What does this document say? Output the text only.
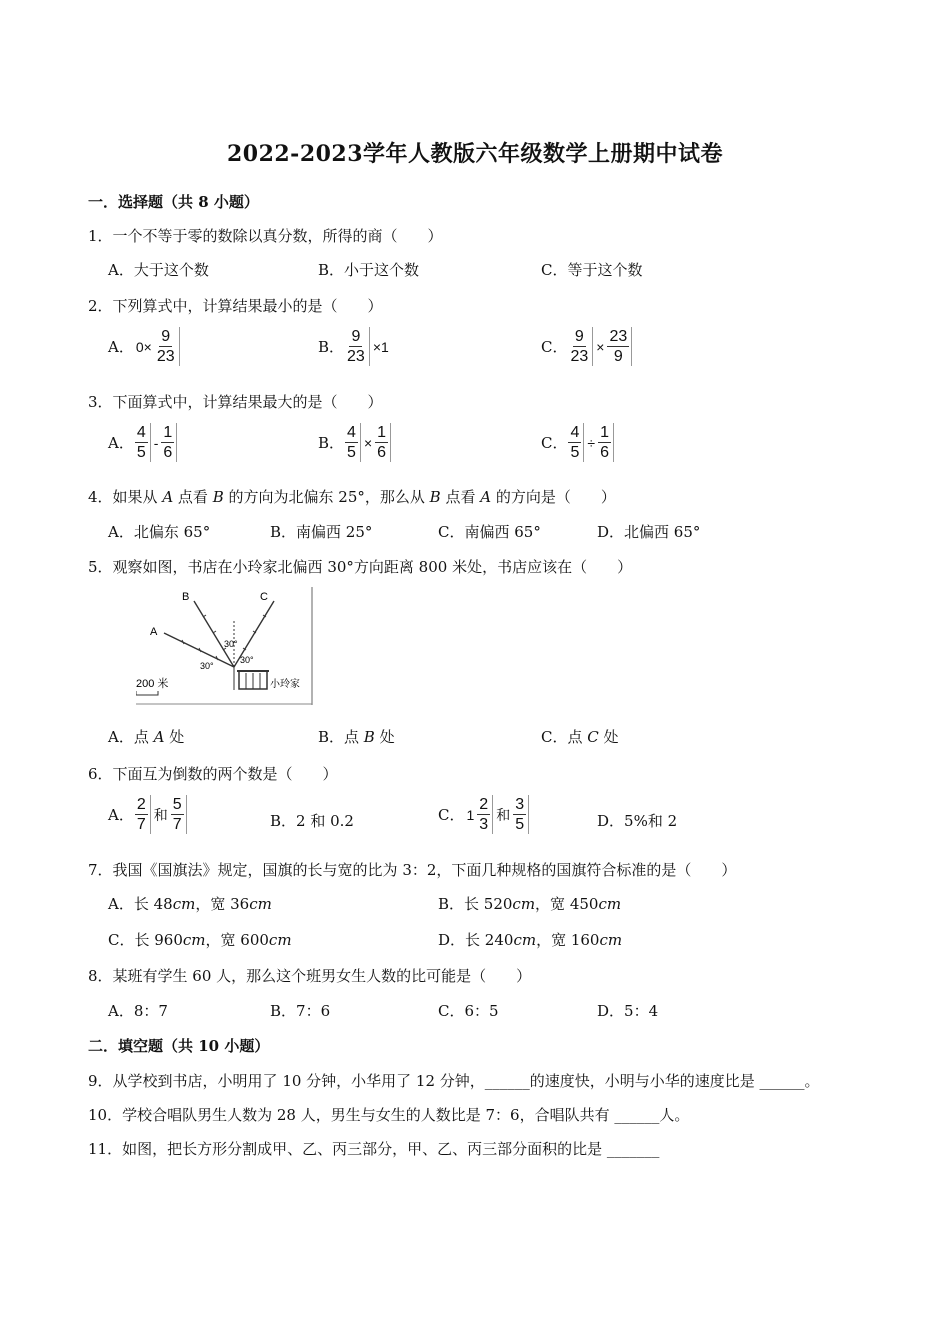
2022-2023学年人教版六年级数学上册期中试卷
一．选择题（共 8 小题）
1．一个不等于零的数除以真分数，所得的商（　　）
A．大于这个数	B．小于这个数	C．等于这个数
2．下列算式中，计算结果最小的是（　　）
A． $0\times \frac{9}{23}$	B． $\frac{9}{23} \times 1$	C． $\frac{9}{23} \times \frac{23}{9}$
3．下面算式中，计算结果最大的是（　　）
A． $\frac{4}{5} - \frac{1}{6}$	B． $\frac{4}{5} \times \frac{1}{6}$	C． $\frac{4}{5} \div \frac{1}{6}$
4．如果从 A 点看 B 的方向为北偏东 25°，那么从 B 点看 A 的方向是（　　）
A．北偏东 65°	B．南偏西 25°	C．南偏西 65°	D．北偏西 65°
5．观察如图，书店在小玲家北偏西 30°方向距离 800 米处，书店应该在（　　）
B	C
A
30°
30°
30°
小玲家
200 米
A．点 A 处	B．点 B 处	C．点 C 处
6．下面互为倒数的两个数是（　　）
A． $\frac{2}{7}$ 和 $\frac{5}{7}$	B．2 和 0.2	C． $1 \frac{2}{3}$ 和 $\frac{3}{5}$	D．5%和 2
7．我国《国旗法》规定，国旗的长与宽的比为 3：2，下面几种规格的国旗符合标准的是（　　）
A．长 48cm，宽 36cm	B．长 520cm，宽 450cm
C．长 960cm，宽 600cm	D．长 240cm，宽 160cm
8．某班有学生 60 人，那么这个班男女生人数的比可能是（　　）
A．8：7	B．7：6	C．6：5	D．5：4
二．填空题（共 10 小题）
9．从学校到书店，小明用了 10 分钟，小华用了 12 分钟，______的速度快，小明与小华的速度比是 ______。
10．学校合唱队男生人数为 28 人，男生与女生的人数比是 7：6，合唱队共有 ______人。
11．如图，把长方形分割成甲、乙、丙三部分，甲、乙、丙三部分面积的比是 _______
